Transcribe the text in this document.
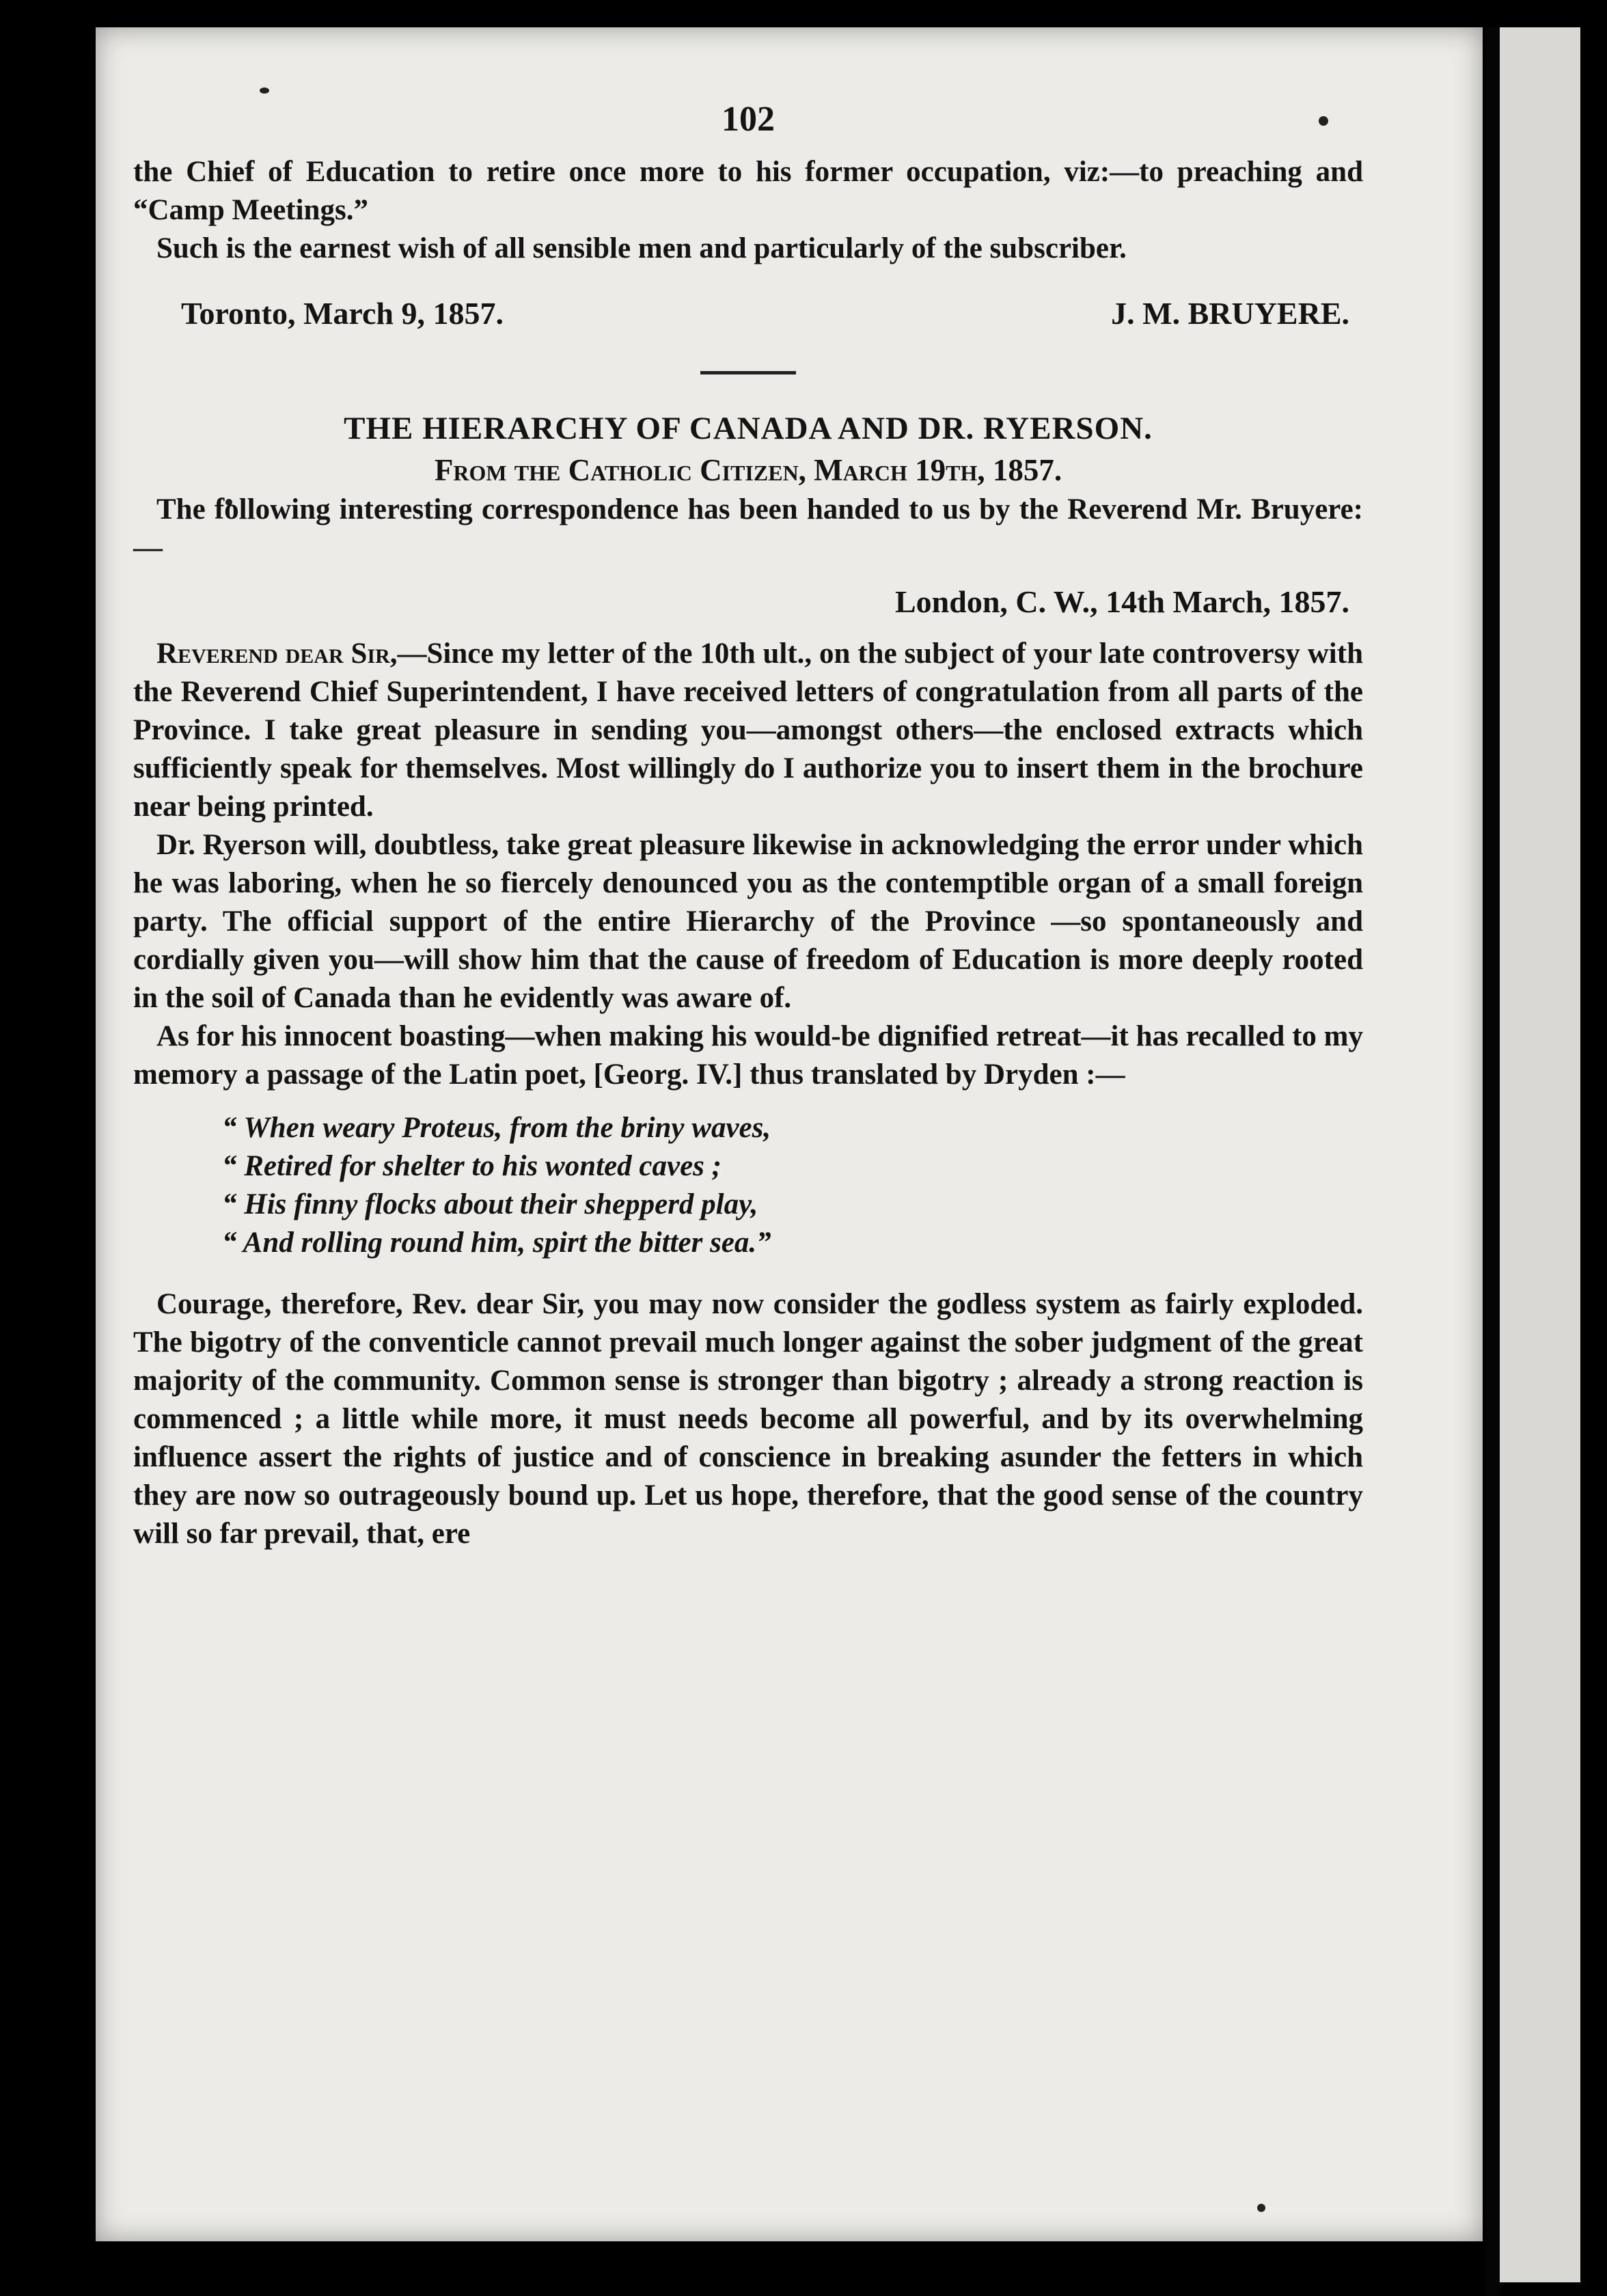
102

the Chief of Education to retire once more to his former occupation, viz:—to preaching and “Camp Meetings.”

Such is the earnest wish of all sensible men and particularly of the subscriber.

Toronto, March 9, 1857.	J. M. BRUYERE.

THE HIERARCHY OF CANADA AND DR. RYERSON.

From the Catholic Citizen, March 19th, 1857.

The following interesting correspondence has been handed to us by the Reverend Mr. Bruyere:—

London, C. W., 14th March, 1857.

Reverend dear Sir,—Since my letter of the 10th ult., on the subject of your late controversy with the Reverend Chief Superintendent, I have received letters of congratulation from all parts of the Province. I take great pleasure in sending you—amongst others—the enclosed extracts which sufficiently speak for themselves. Most willingly do I authorize you to insert them in the brochure near being printed.

Dr. Ryerson will, doubtless, take great pleasure likewise in acknowledging the error under which he was laboring, when he so fiercely denounced you as the contemptible organ of a small foreign party. The official support of the entire Hierarchy of the Province —so spontaneously and cordially given you—will show him that the cause of freedom of Education is more deeply rooted in the soil of Canada than he evidently was aware of.

As for his innocent boasting—when making his would-be dignified retreat—it has recalled to my memory a passage of the Latin poet, [Georg. IV.] thus translated by Dryden :—

“ When weary Proteus, from the briny waves,

“ Retired for shelter to his wonted caves ;

“ His finny flocks about their shepperd play,

“ And rolling round him, spirt the bitter sea.”

Courage, therefore, Rev. dear Sir, you may now consider the godless system as fairly exploded. The bigotry of the conventicle cannot prevail much longer against the sober judgment of the great majority of the community. Common sense is stronger than bigotry ; already a strong reaction is commenced ; a little while more, it must needs become all powerful, and by its overwhelming influence assert the rights of justice and of conscience in breaking asunder the fetters in which they are now so outrageously bound up. Let us hope, therefore, that the good sense of the country will so far prevail, that, ere
